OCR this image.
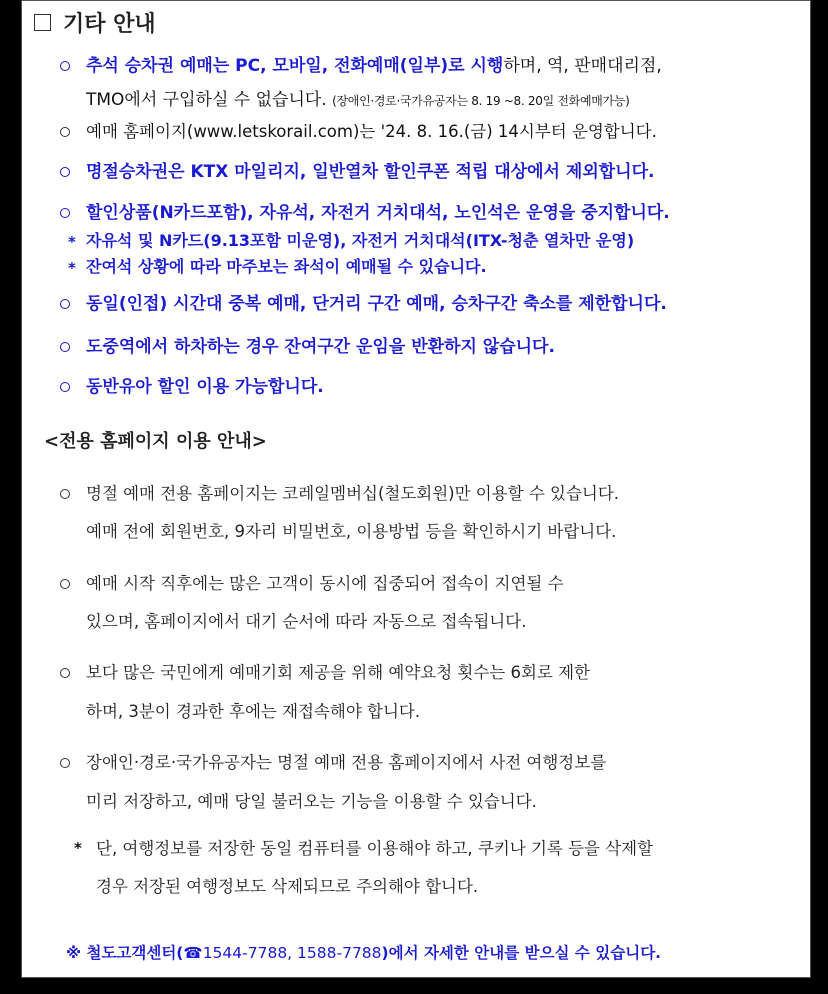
기타 안내
추석 승차권 예매는 PC, 모바일, 전화예매(일부)로 시행하며, 역, 판매대리점,
TMO에서 구입하실 수 없습니다. (장애인·경로·국가유공자는 8. 19 ~8. 20일 전화예매가능)
예매 홈페이지(www.letskorail.com)는 '24. 8. 16.(금) 14시부터 운영합니다.
명절승차권은 KTX 마일리지, 일반열차 할인쿠폰 적립 대상에서 제외합니다.
할인상품(N카드포함), 자유석, 자전거 거치대석, 노인석은 운영을 중지합니다.
* 자유석 및 N카드(9.13포함 미운영), 자전거 거치대석(ITX-청춘 열차만 운영)
* 잔여석 상황에 따라 마주보는 좌석이 예매될 수 있습니다.
동일(인접) 시간대 중복 예매, 단거리 구간 예매, 승차구간 축소를 제한합니다.
도중역에서 하차하는 경우 잔여구간 운임을 반환하지 않습니다.
동반유아 할인 이용 가능합니다.
<전용 홈페이지 이용 안내>
명절 예매 전용 홈페이지는 코레일멤버십(철도회원)만 이용할 수 있습니다.
예매 전에 회원번호, 9자리 비밀번호, 이용방법 등을 확인하시기 바랍니다.
예매 시작 직후에는 많은 고객이 동시에 집중되어 접속이 지연될 수
있으며, 홈페이지에서 대기 순서에 따라 자동으로 접속됩니다.
보다 많은 국민에게 예매기회 제공을 위해 예약요청 횟수는 6회로 제한
하며, 3분이 경과한 후에는 재접속해야 합니다.
장애인·경로·국가유공자는 명절 예매 전용 홈페이지에서 사전 여행정보를
미리 저장하고, 예매 당일 불러오는 기능을 이용할 수 있습니다.
* 단, 여행정보를 저장한 동일 컴퓨터를 이용해야 하고, 쿠키나 기록 등을 삭제할
경우 저장된 여행정보도 삭제되므로 주의해야 합니다.
※ 철도고객센터(☎1544-7788, 1588-7788)에서 자세한 안내를 받으실 수 있습니다.
